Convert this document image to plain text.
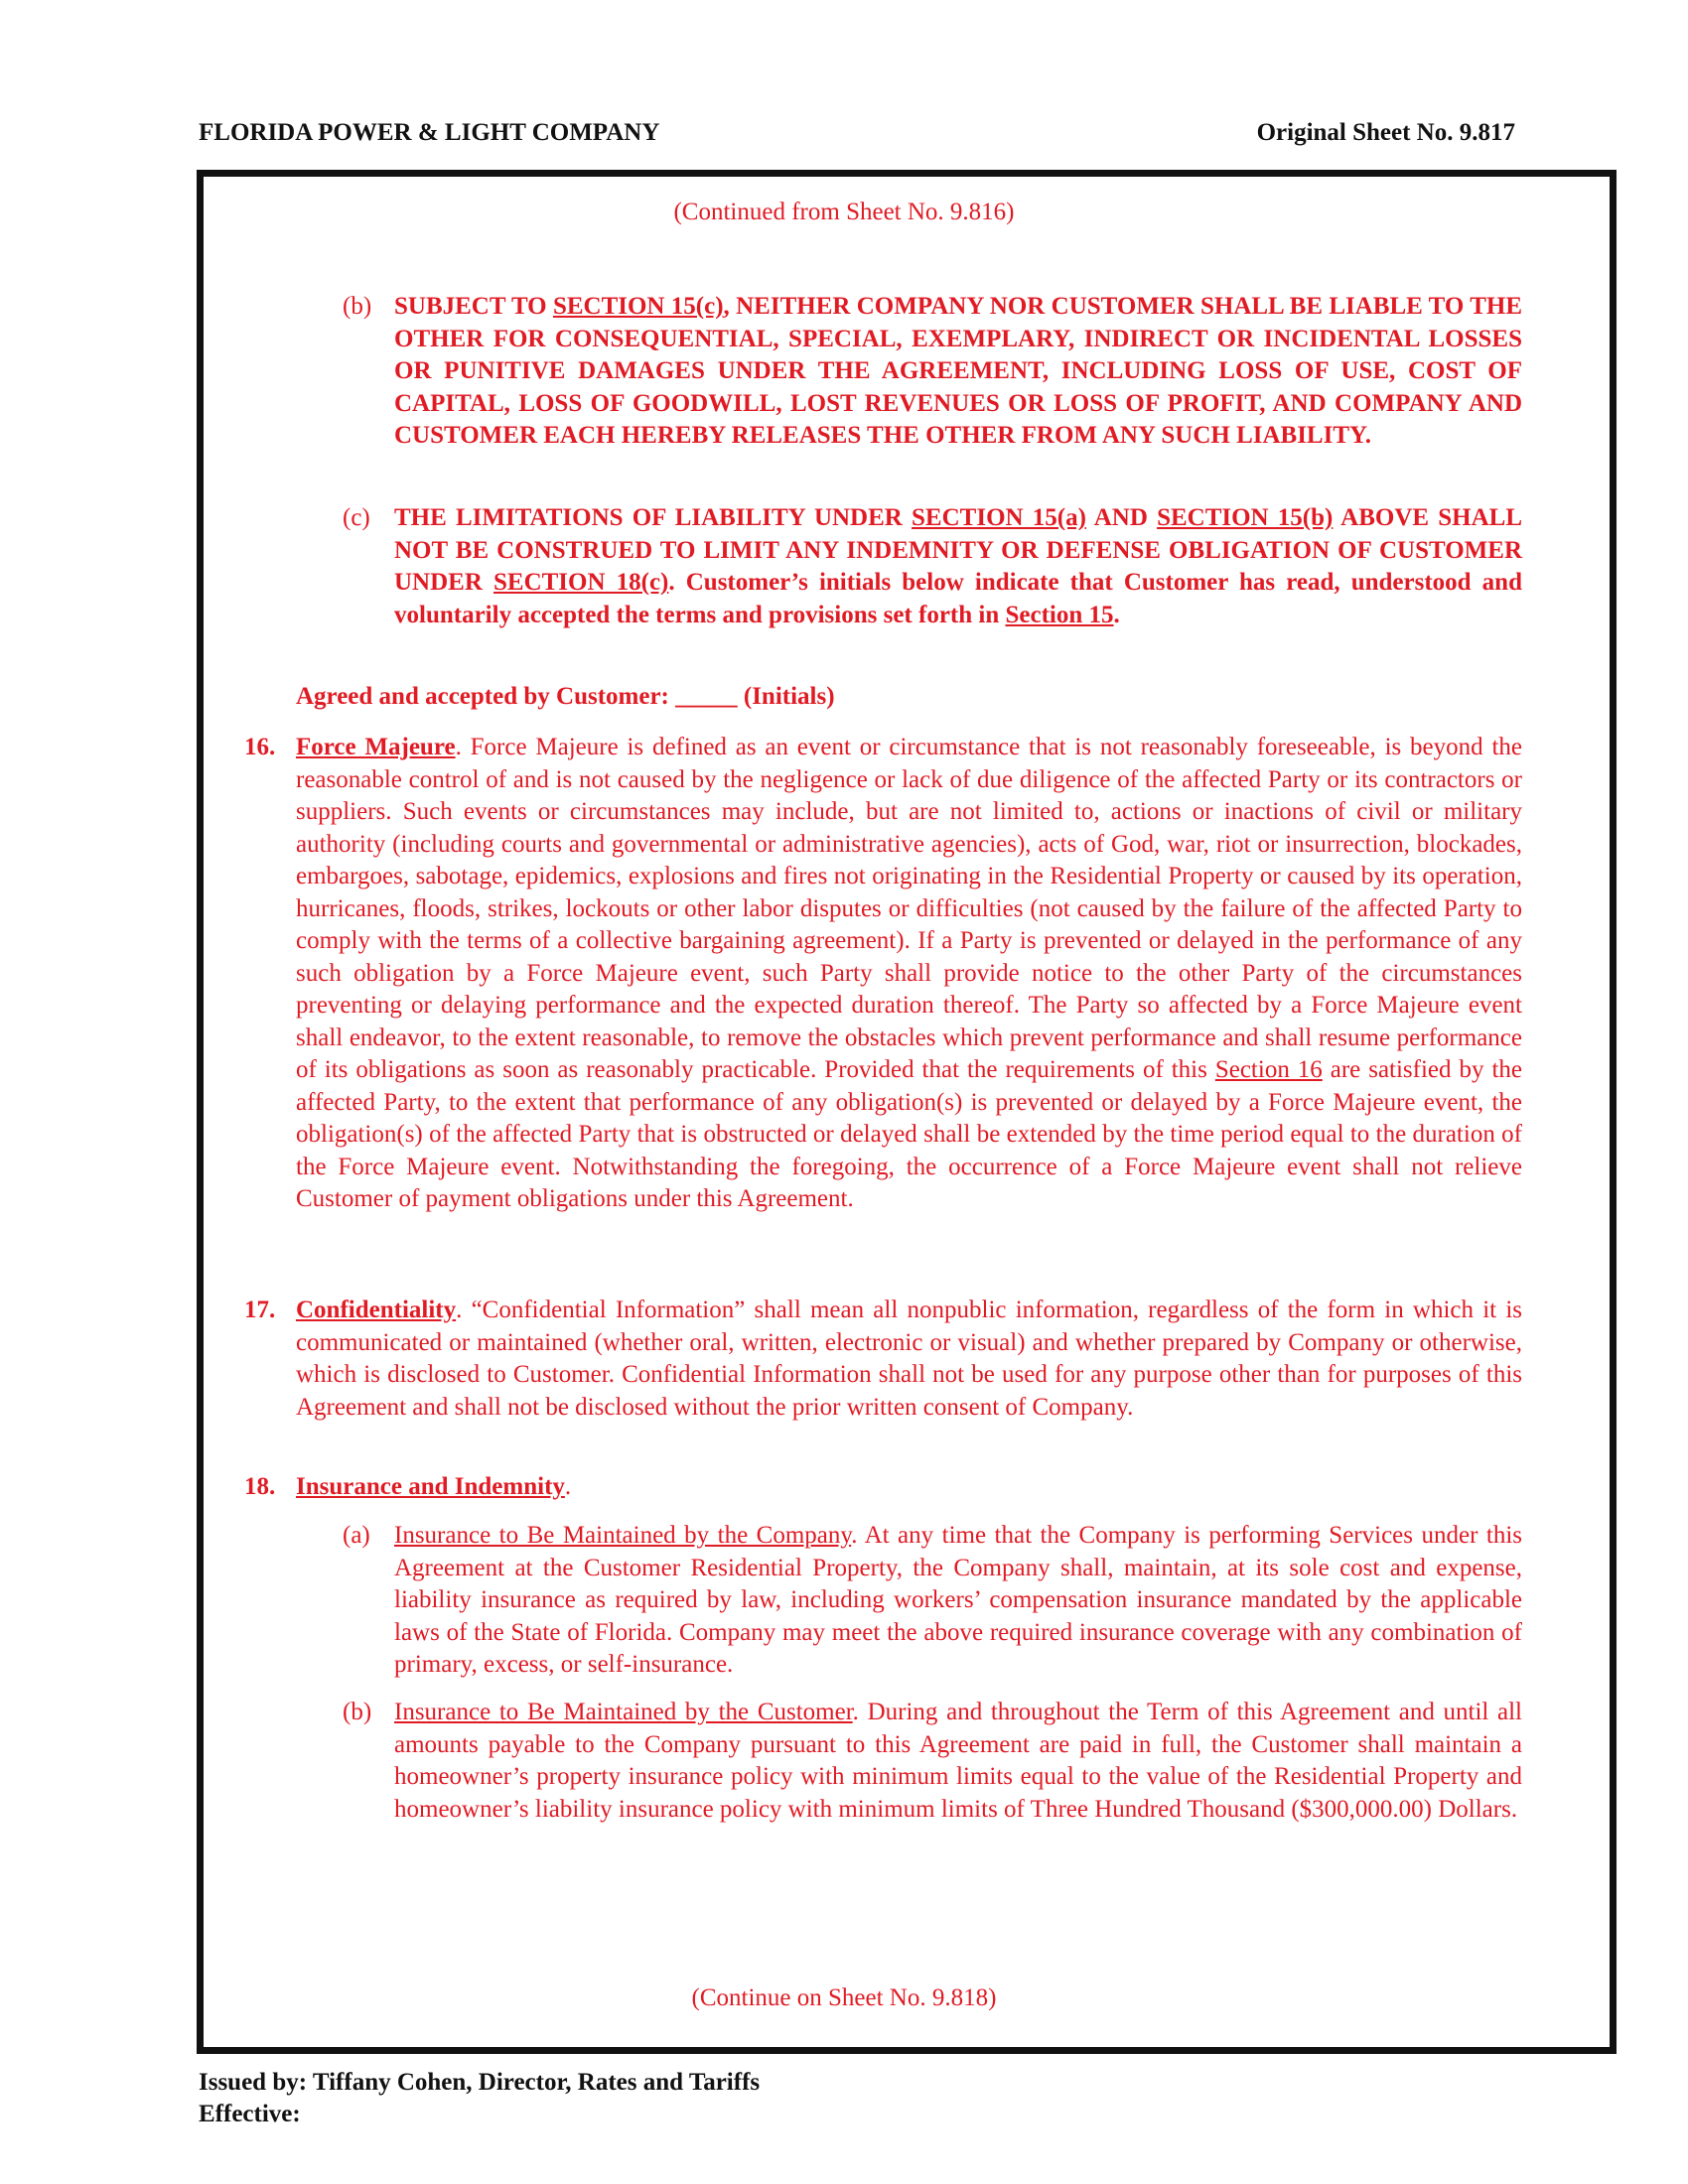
FLORIDA POWER & LIGHT COMPANY	Original Sheet No. 9.817
(Continued from Sheet No. 9.816)
(b) SUBJECT TO SECTION 15(c), NEITHER COMPANY NOR CUSTOMER SHALL BE LIABLE TO THE OTHER FOR CONSEQUENTIAL, SPECIAL, EXEMPLARY, INDIRECT OR INCIDENTAL LOSSES OR PUNITIVE DAMAGES UNDER THE AGREEMENT, INCLUDING LOSS OF USE, COST OF CAPITAL, LOSS OF GOODWILL, LOST REVENUES OR LOSS OF PROFIT, AND COMPANY AND CUSTOMER EACH HEREBY RELEASES THE OTHER FROM ANY SUCH LIABILITY.
(c) THE LIMITATIONS OF LIABILITY UNDER SECTION 15(a) AND SECTION 15(b) ABOVE SHALL NOT BE CONSTRUED TO LIMIT ANY INDEMNITY OR DEFENSE OBLIGATION OF CUSTOMER UNDER SECTION 18(c). Customer’s initials below indicate that Customer has read, understood and voluntarily accepted the terms and provisions set forth in Section 15.
Agreed and accepted by Customer: _____ (Initials)
16. Force Majeure. Force Majeure is defined as an event or circumstance that is not reasonably foreseeable, is beyond the reasonable control of and is not caused by the negligence or lack of due diligence of the affected Party or its contractors or suppliers. Such events or circumstances may include, but are not limited to, actions or inactions of civil or military authority (including courts and governmental or administrative agencies), acts of God, war, riot or insurrection, blockades, embargoes, sabotage, epidemics, explosions and fires not originating in the Residential Property or caused by its operation, hurricanes, floods, strikes, lockouts or other labor disputes or difficulties (not caused by the failure of the affected Party to comply with the terms of a collective bargaining agreement). If a Party is prevented or delayed in the performance of any such obligation by a Force Majeure event, such Party shall provide notice to the other Party of the circumstances preventing or delaying performance and the expected duration thereof. The Party so affected by a Force Majeure event shall endeavor, to the extent reasonable, to remove the obstacles which prevent performance and shall resume performance of its obligations as soon as reasonably practicable. Provided that the requirements of this Section 16 are satisfied by the affected Party, to the extent that performance of any obligation(s) is prevented or delayed by a Force Majeure event, the obligation(s) of the affected Party that is obstructed or delayed shall be extended by the time period equal to the duration of the Force Majeure event. Notwithstanding the foregoing, the occurrence of a Force Majeure event shall not relieve Customer of payment obligations under this Agreement.
17. Confidentiality. “Confidential Information” shall mean all nonpublic information, regardless of the form in which it is communicated or maintained (whether oral, written, electronic or visual) and whether prepared by Company or otherwise, which is disclosed to Customer. Confidential Information shall not be used for any purpose other than for purposes of this Agreement and shall not be disclosed without the prior written consent of Company.
18. Insurance and Indemnity.
(a) Insurance to Be Maintained by the Company. At any time that the Company is performing Services under this Agreement at the Customer Residential Property, the Company shall, maintain, at its sole cost and expense, liability insurance as required by law, including workers’ compensation insurance mandated by the applicable laws of the State of Florida. Company may meet the above required insurance coverage with any combination of primary, excess, or self-insurance.
(b) Insurance to Be Maintained by the Customer. During and throughout the Term of this Agreement and until all amounts payable to the Company pursuant to this Agreement are paid in full, the Customer shall maintain a homeowner’s property insurance policy with minimum limits equal to the value of the Residential Property and homeowner’s liability insurance policy with minimum limits of Three Hundred Thousand ($300,000.00) Dollars.
(Continue on Sheet No. 9.818)
Issued by: Tiffany Cohen, Director, Rates and Tariffs
Effective:
